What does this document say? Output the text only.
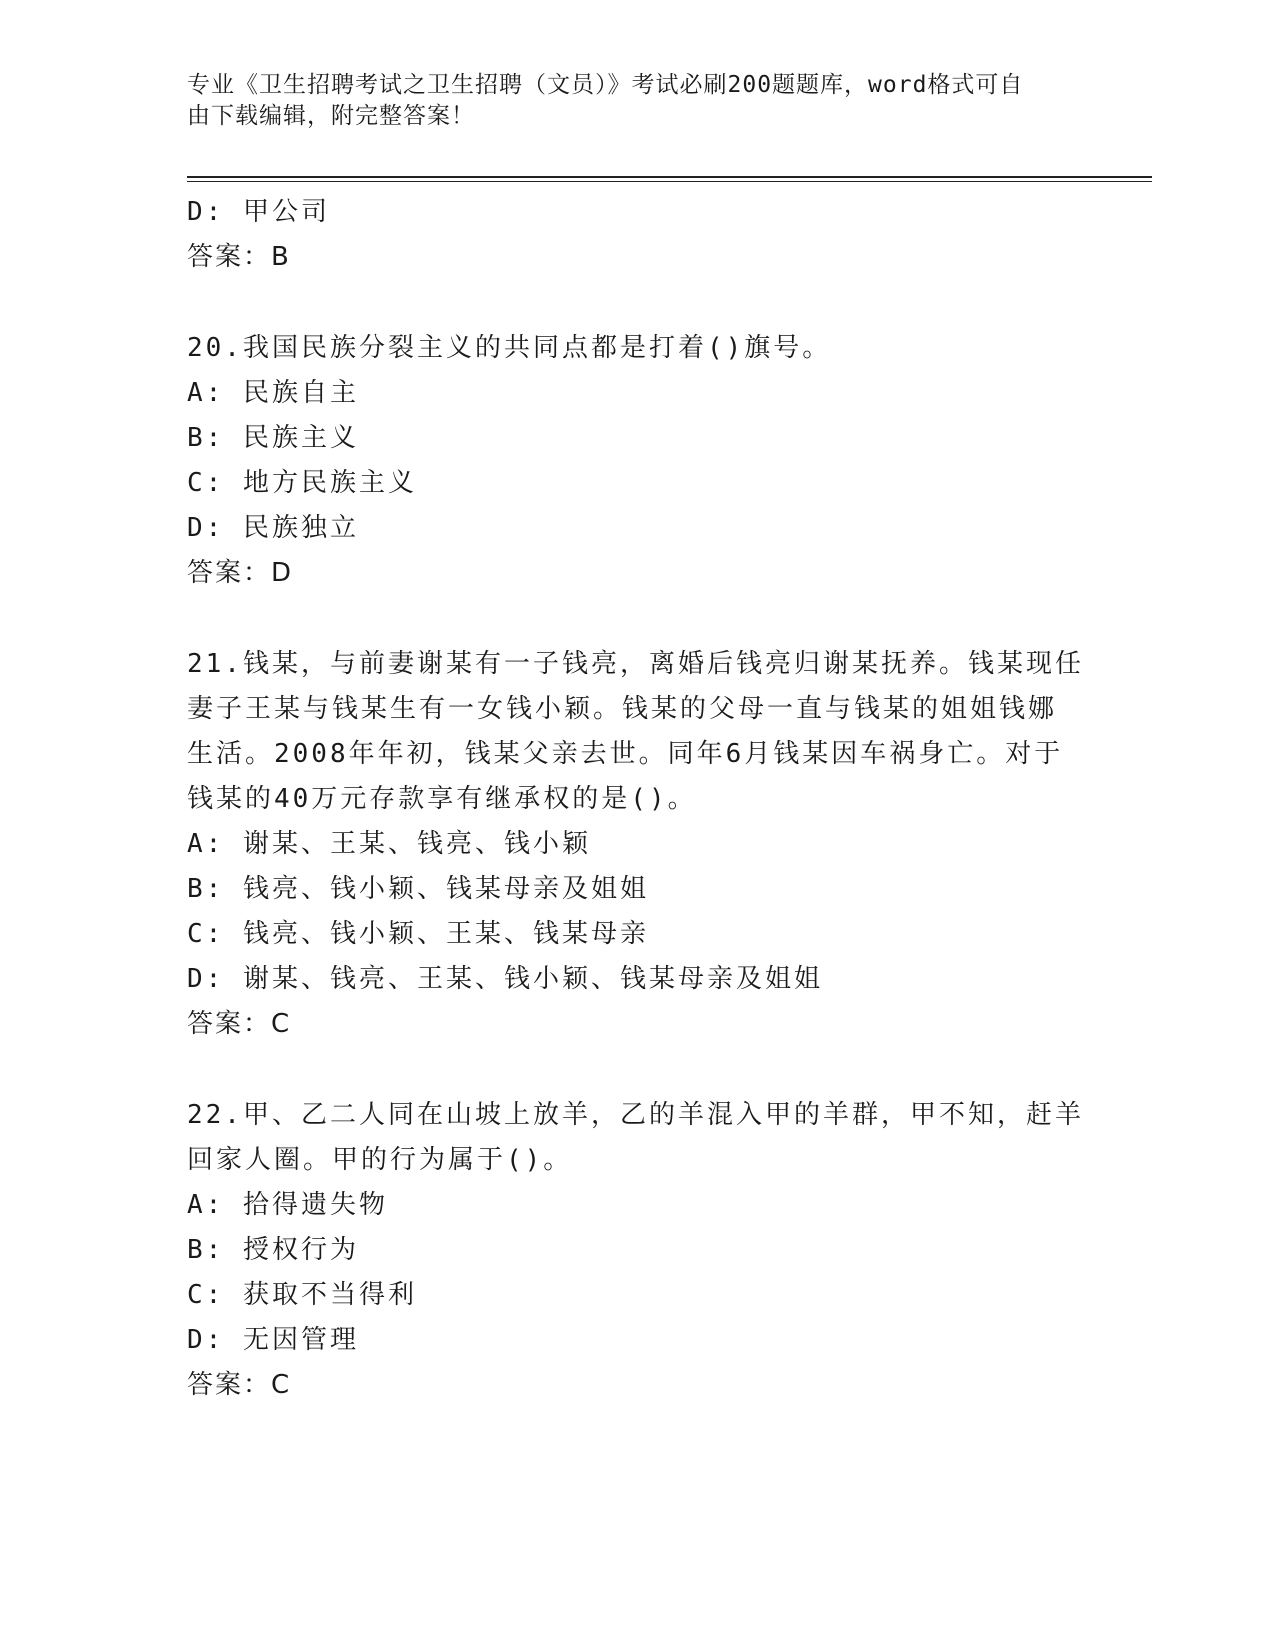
专业《卫生招聘考试之卫生招聘（文员）》考试必刷200题题库，word格式可自
由下载编辑，附完整答案！
D: 甲公司
答案：B
20.我国民族分裂主义的共同点都是打着()旗号。
A: 民族自主
B: 民族主义
C: 地方民族主义
D: 民族独立
答案：D
21.钱某，与前妻谢某有一子钱亮，离婚后钱亮归谢某抚养。钱某现任
妻子王某与钱某生有一女钱小颖。钱某的父母一直与钱某的姐姐钱娜
生活。2008年年初，钱某父亲去世。同年6月钱某因车祸身亡。对于
钱某的40万元存款享有继承权的是()。
A: 谢某、王某、钱亮、钱小颖
B: 钱亮、钱小颖、钱某母亲及姐姐
C: 钱亮、钱小颖、王某、钱某母亲
D: 谢某、钱亮、王某、钱小颖、钱某母亲及姐姐
答案：C
22.甲、乙二人同在山坡上放羊，乙的羊混入甲的羊群，甲不知，赶羊
回家人圈。甲的行为属于()。
A: 拾得遗失物
B: 授权行为
C: 获取不当得利
D: 无因管理
答案：C
